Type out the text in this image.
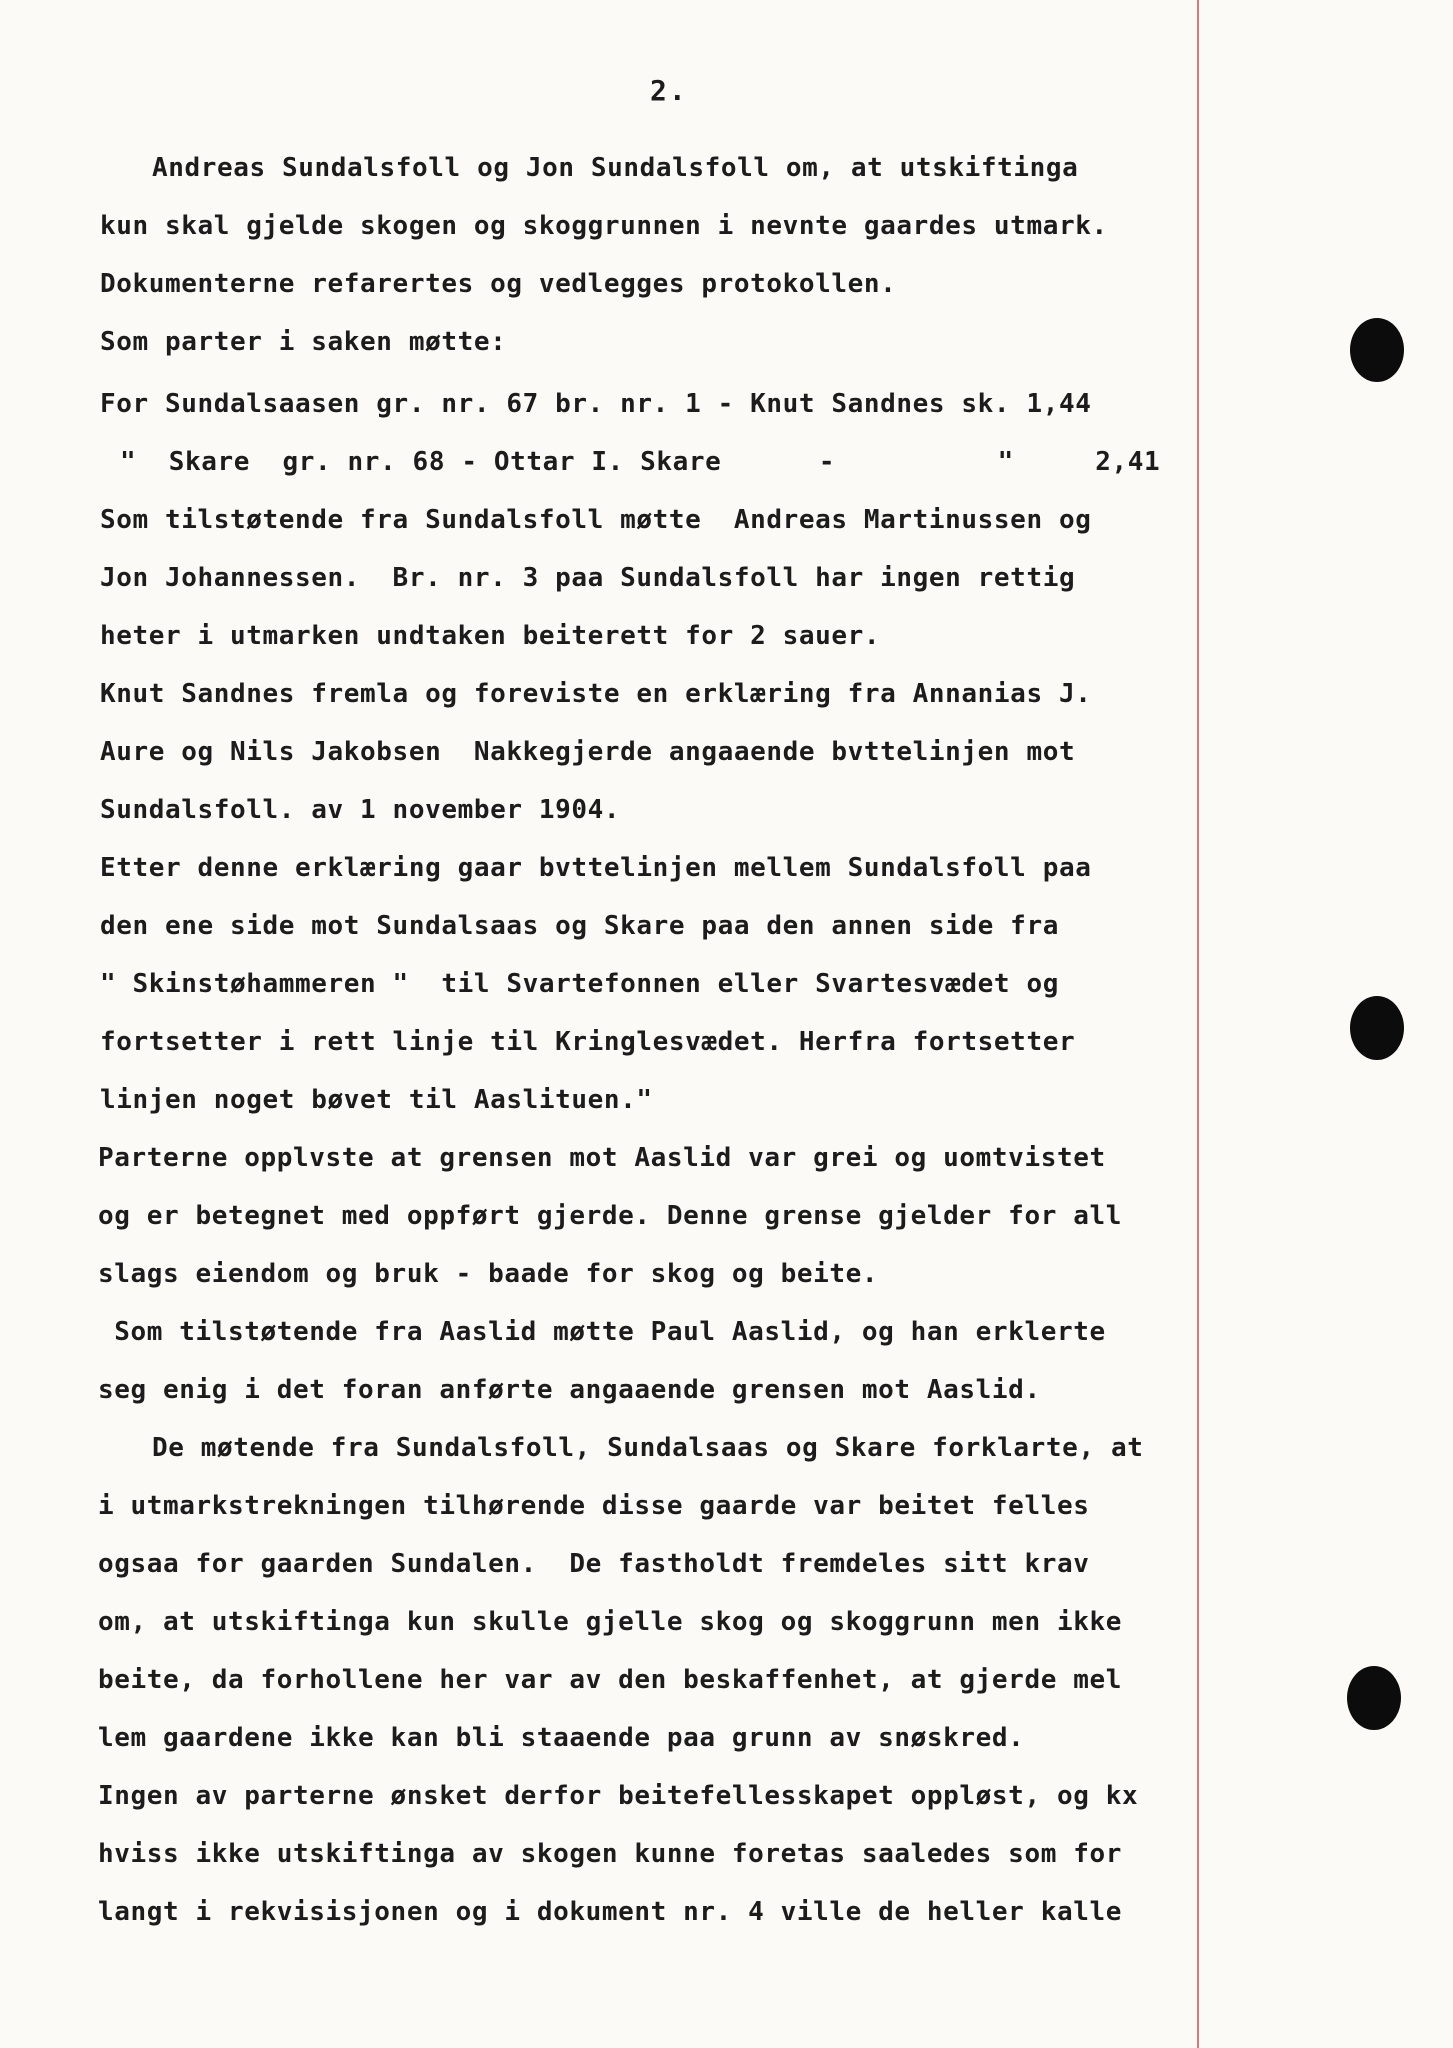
2.
Andreas Sundalsfoll og Jon Sundalsfoll om, at utskiftinga
kun skal gjelde skogen og skoggrunnen i nevnte gaardes utmark.
Dokumenterne refarertes og vedlegges protokollen.
Som parter i saken møtte:
For Sundalsaasen gr. nr. 67 br. nr. 1 - Knut Sandnes sk. 1,44
"  Skare  gr. nr. 68 - Ottar I. Skare      -          "     2,41
Som tilstøtende fra Sundalsfoll møtte  Andreas Martinussen og
Jon Johannessen.  Br. nr. 3 paa Sundalsfoll har ingen rettig
heter i utmarken undtaken beiterett for 2 sauer.
Knut Sandnes fremla og foreviste en erklæring fra Annanias J.
Aure og Nils Jakobsen  Nakkegjerde angaaende bvttelinjen mot
Sundalsfoll. av 1 november 1904.
Etter denne erklæring gaar bvttelinjen mellem Sundalsfoll paa
den ene side mot Sundalsaas og Skare paa den annen side fra
" Skinstøhammeren "  til Svartefonnen eller Svartesvædet og
fortsetter i rett linje til Kringlesvædet. Herfra fortsetter
linjen noget bøvet til Aaslituen."
Parterne opplvste at grensen mot Aaslid var grei og uomtvistet
og er betegnet med oppført gjerde. Denne grense gjelder for all
slags eiendom og bruk - baade for skog og beite.
Som tilstøtende fra Aaslid møtte Paul Aaslid, og han erklerte
seg enig i det foran anførte angaaende grensen mot Aaslid.
De møtende fra Sundalsfoll, Sundalsaas og Skare forklarte, at
i utmarkstrekningen tilhørende disse gaarde var beitet felles
ogsaa for gaarden Sundalen.  De fastholdt fremdeles sitt krav
om, at utskiftinga kun skulle gjelle skog og skoggrunn men ikke
beite, da forhollene her var av den beskaffenhet, at gjerde mel
lem gaardene ikke kan bli staaende paa grunn av snøskred.
Ingen av parterne ønsket derfor beitefellesskapet oppløst, og kx
hviss ikke utskiftinga av skogen kunne foretas saaledes som for
langt i rekvisisjonen og i dokument nr. 4 ville de heller kalle
